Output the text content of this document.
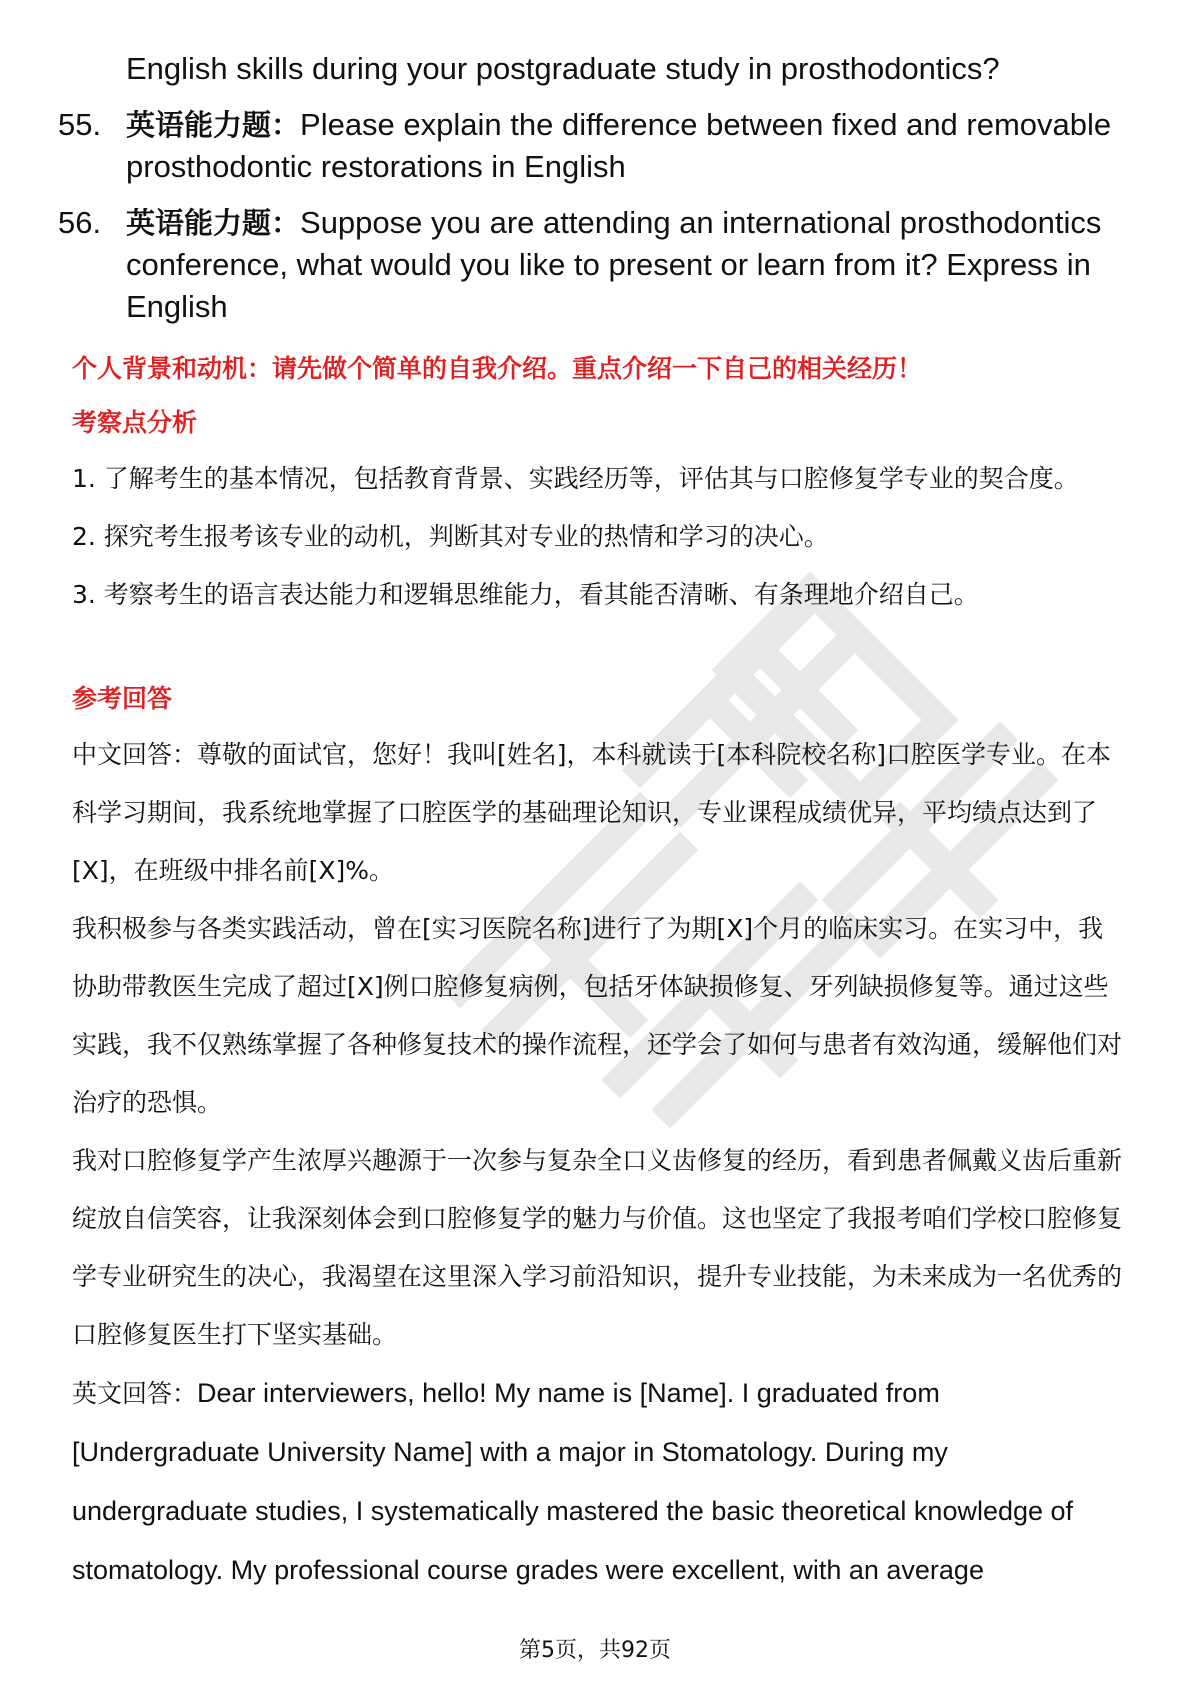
English skills during your postgraduate study in prosthodontics?
55. 英语能力题：Please explain the difference between fixed and removable prosthodontic restorations in English
56. 英语能力题：Suppose you are attending an international prosthodontics conference, what would you like to present or learn from it? Express in English

个人背景和动机：请先做个简单的自我介绍。重点介绍一下自己的相关经历！

考察点分析

1. 了解考生的基本情况，包括教育背景、实践经历等，评估其与口腔修复学专业的契合度。

2. 探究考生报考该专业的动机，判断其对专业的热情和学习的决心。

3. 考察考生的语言表达能力和逻辑思维能力，看其能否清晰、有条理地介绍自己。

参考回答

中文回答：尊敬的面试官，您好！我叫[姓名]，本科就读于[本科院校名称]口腔医学专业。在本科学习期间，我系统地掌握了口腔医学的基础理论知识，专业课程成绩优异，平均绩点达到了[X]，在班级中排名前[X]%。

我积极参与各类实践活动，曾在[实习医院名称]进行了为期[X]个月的临床实习。在实习中，我协助带教医生完成了超过[X]例口腔修复病例，包括牙体缺损修复、牙列缺损修复等。通过这些实践，我不仅熟练掌握了各种修复技术的操作流程，还学会了如何与患者有效沟通，缓解他们对治疗的恐惧。

我对口腔修复学产生浓厚兴趣源于一次参与复杂全口义齿修复的经历，看到患者佩戴义齿后重新绽放自信笑容，让我深刻体会到口腔修复学的魅力与价值。这也坚定了我报考咱们学校口腔修复学专业研究生的决心，我渴望在这里深入学习前沿知识，提升专业技能，为未来成为一名优秀的口腔修复医生打下坚实基础。

英文回答：Dear interviewers, hello! My name is [Name]. I graduated from [Undergraduate University Name] with a major in Stomatology. During my undergraduate studies, I systematically mastered the basic theoretical knowledge of stomatology. My professional course grades were excellent, with an average

第5页，共92页
